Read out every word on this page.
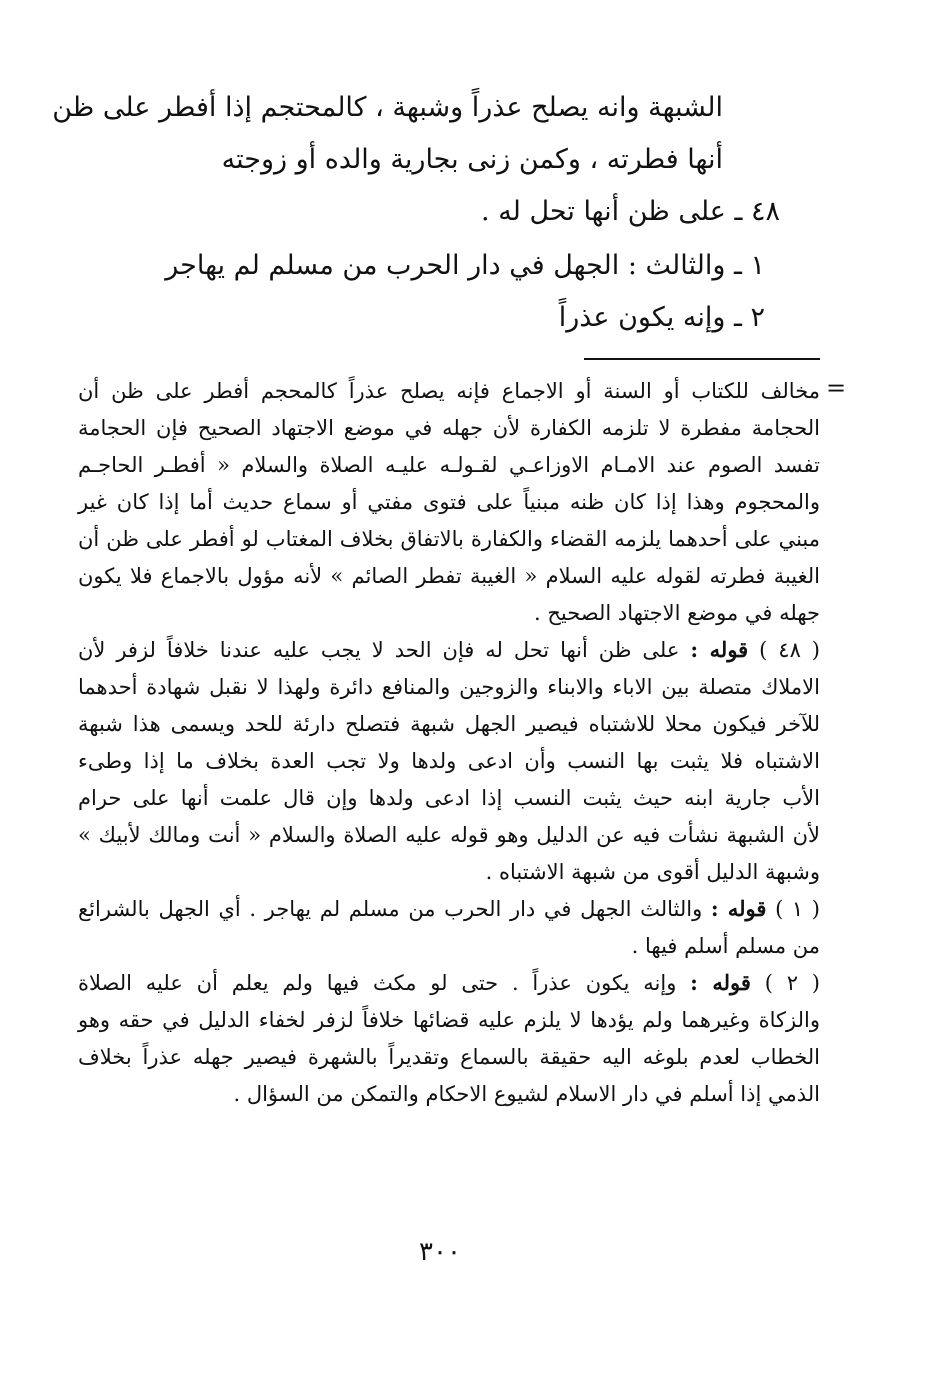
الشبهة وانه يصلح عذراً وشبهة ، كالمحتجم إذا أفطر على ظن
أنها فطرته ، وكمن زنى بجارية والده أو زوجته
٤٨ ـ على ظن أنها تحل له .
١ ـ والثالث : الجهل في دار الحرب من مسلم لم يهاجر
٢ ـ وإنه يكون عذراً
=
مخالف للكتاب أو السنة أو الاجماع فإنه يصلح عذراً كالمحجم أفطر على ظن أن
الحجامة مفطرة لا تلزمه الكفارة لأن جهله في موضع الاجتهاد الصحيح فإن الحجامة
تفسد الصوم عند الامـام الاوزاعـي لقـولـه عليـه الصلاة والسلام « أفطـر الحاجـم
والمحجوم وهذا إذا كان ظنه مبنياً على فتوى مفتي أو سماع حديث أما إذا كان غير
مبني على أحدهما يلزمه القضاء والكفارة بالاتفاق بخلاف المغتاب لو أفطر على ظن أن
الغيبة فطرته لقوله عليه السلام « الغيبة تفطر الصائم » لأنه مؤول بالاجماع فلا يكون
جهله في موضع الاجتهاد الصحيح .
( ٤٨ ) قوله : على ظن أنها تحل له فإن الحد لا يجب عليه عندنا خلافاً لزفر لأن
الاملاك متصلة بين الاباء والابناء والزوجين والمنافع دائرة ولهذا لا نقبل شهادة أحدهما
للآخر فيكون محلا للاشتباه فيصير الجهل شبهة فتصلح دارئة للحد ويسمى هذا شبهة
الاشتباه فلا يثبت بها النسب وأن ادعى ولدها ولا تجب العدة بخلاف ما إذا وطىء
الأب جارية ابنه حيث يثبت النسب إذا ادعى ولدها وإن قال علمت أنها على حرام
لأن الشبهة نشأت فيه عن الدليل وهو قوله عليه الصلاة والسلام « أنت ومالك لأبيك »
وشبهة الدليل أقوى من شبهة الاشتباه .
( ١ ) قوله : والثالث الجهل في دار الحرب من مسلم لم يهاجر . أي الجهل بالشرائع
من مسلم أسلم فيها .
( ٢ ) قوله : وإنه يكون عذراً . حتى لو مكث فيها ولم يعلم أن عليه الصلاة
والزكاة وغيرهما ولم يؤدها لا يلزم عليه قضائها خلافاً لزفر لخفاء الدليل في حقه وهو
الخطاب لعدم بلوغه اليه حقيقة بالسماع وتقديراً بالشهرة فيصير جهله عذراً بخلاف
الذمي إذا أسلم في دار الاسلام لشيوع الاحكام والتمكن من السؤال .
٣٠٠
